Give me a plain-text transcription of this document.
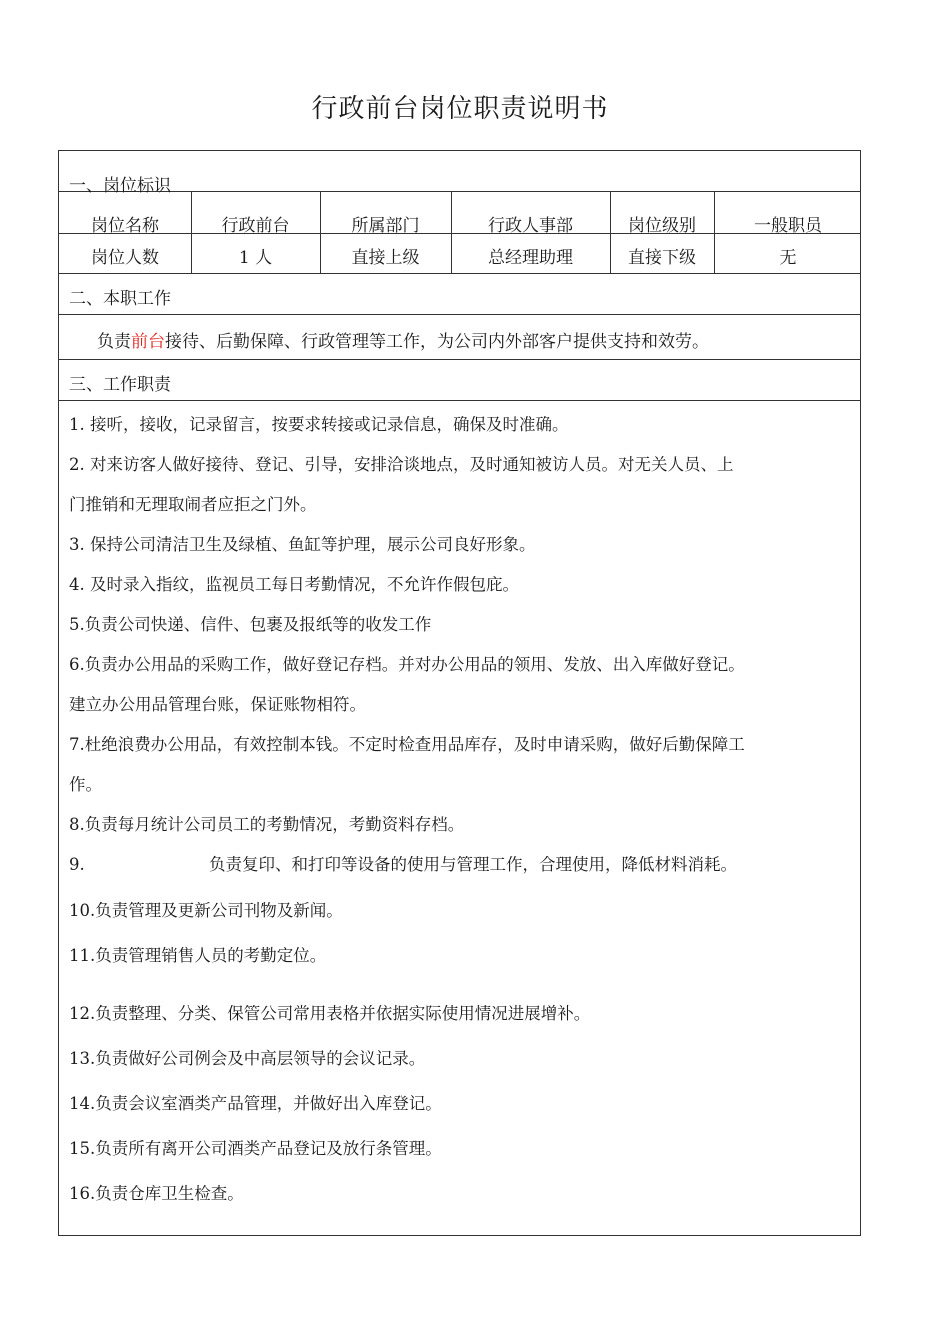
行政前台岗位职责说明书
一、岗位标识
岗位名称	行政前台	所属部门	行政人事部	岗位级别	一般职员
岗位人数	1 人	直接上级	总经理助理	直接下级	无
二、本职工作
负责前台接待、后勤保障、行政管理等工作，为公司内外部客户提供支持和效劳。
三、工作职责
1. 接听，接收，记录留言，按要求转接或记录信息，确保及时准确。
2. 对来访客人做好接待、登记、引导，安排洽谈地点，及时通知被访人员。对无关人员、上
门推销和无理取闹者应拒之门外。
3. 保持公司清洁卫生及绿植、鱼缸等护理，展示公司良好形象。
4. 及时录入指纹，监视员工每日考勤情况，不允许作假包庇。
5.负责公司快递、信件、包裹及报纸等的收发工作
6.负责办公用品的采购工作，做好登记存档。并对办公用品的领用、发放、出入库做好登记。
建立办公用品管理台账，保证账物相符。
7.杜绝浪费办公用品，有效控制本钱。不定时检查用品库存，及时申请采购，做好后勤保障工
作。
8.负责每月统计公司员工的考勤情况，考勤资料存档。
9.	负责复印、和打印等设备的使用与管理工作，合理使用，降低材料消耗。
10.负责管理及更新公司刊物及新闻。
11.负责管理销售人员的考勤定位。
12.负责整理、分类、保管公司常用表格并依据实际使用情况进展增补。
13.负责做好公司例会及中高层领导的会议记录。
14.负责会议室酒类产品管理，并做好出入库登记。
15.负责所有离开公司酒类产品登记及放行条管理。
16.负责仓库卫生检查。
